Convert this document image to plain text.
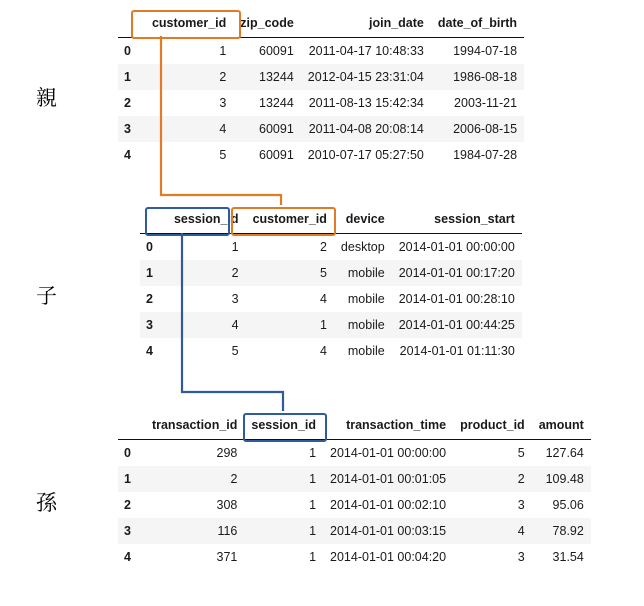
親
子
孫
	customer_id	zip_code	join_date	date_of_birth
0	1	60091	2011-04-17 10:48:33	1994-07-18
1	2	13244	2012-04-15 23:31:04	1986-08-18
2	3	13244	2011-08-13 15:42:34	2003-11-21
3	4	60091	2011-04-08 20:08:14	2006-08-15
4	5	60091	2010-07-17 05:27:50	1984-07-28
	session_id	customer_id	device	session_start
0	1	2	desktop	2014-01-01 00:00:00
1	2	5	mobile	2014-01-01 00:17:20
2	3	4	mobile	2014-01-01 00:28:10
3	4	1	mobile	2014-01-01 00:44:25
4	5	4	mobile	2014-01-01 01:11:30
	transaction_id	session_id	transaction_time	product_id	amount
0	298	1	2014-01-01 00:00:00	5	127.64
1	2	1	2014-01-01 00:01:05	2	109.48
2	308	1	2014-01-01 00:02:10	3	95.06
3	116	1	2014-01-01 00:03:15	4	78.92
4	371	1	2014-01-01 00:04:20	3	31.54
